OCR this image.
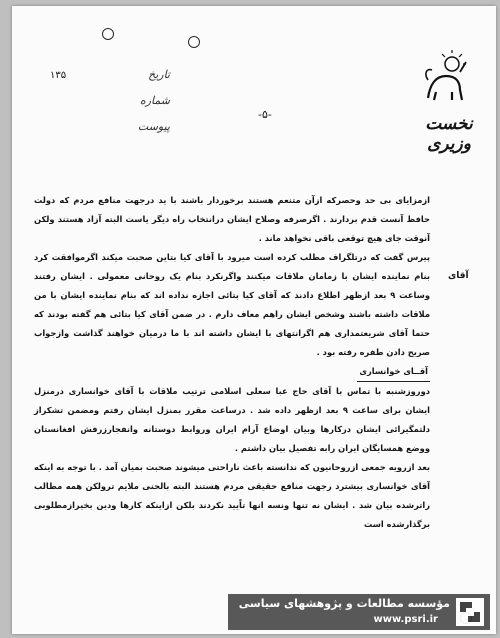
نخست وزیری
۱۳۵	تاریخ
شماره
پیوست
-۵-
آقای

ازمزایای بی حد وحصرکه ازآن متنعم هستند برخوردار باشند با ید درجهت منافع مردم که دولت حافظ آنست قدم بردارند . اگرصرفه وصلاح ایشان درانتخاب راه دیگر یاست البته آزاد هستند ولکن آنوقت جای هیچ توقعی باقی نخواهد ماند .

پیرس گفت که درتلگراف مطلب کرده است میرود با آقای کیا بتاین صحبت میکند اگرموافقت کرد بنام نماینده ایشان با زمامان ملاقات میکنند واگرنکرد بنام یک روحانی معمولی . ایشان رفتند وساعت ۹ بعد ازظهر اطلاع دادند که آقای کیا بتائی اجازه نداده اند که بنام نماینده ایشان با من ملاقات داشته باشند وشخص ایشان راهم معاف دارم . در ضمن آقای کیا بتائی هم گفته بودند که حتما آقای شریعتمداری هم اگرانتهای با ایشان داشته اند با ما درمیان خواهند گذاشت وازجواب صریح دادن طفره رفته بود .

آقــای خوانساری

دوروزشنبه با تماس با آقای حاج عبا سعلی اسلامی ترتیب ملاقات با آقای خوانساری درمنزل ایشان برای ساعت ۹ بعد ازظهر داده شد . درساعت مقرر بمنزل ایشان رفتم ومضمن تشکراز دلتمگیرائی ایشان درکارها وبیان اوضاع آرام ایران وروابط دوستانه وانفجارزرفش افغانستان ووضع همسایگان ایران رابه تفصیل بیان داشتم .

بعد ازرویه جمعی ازروحانیون که ندانسته باعث ناراحتی میشوند صحبت بمیان آمد . با توجه به اینکه آقای خوانساری بیشترد رجهت منافع حقیقی مردم هستند البته بالحنی ملایم ترولکن همه مطالب راترشده بیان شد . ایشان نه تنها ونسه انها تاًیید نکردند بلکن ازاینکه کارها ودین بخیرازمطلوبی برگذارشده است

مؤسسه مطالعات و پژوهشهای سیاسی
www.psri.ir
